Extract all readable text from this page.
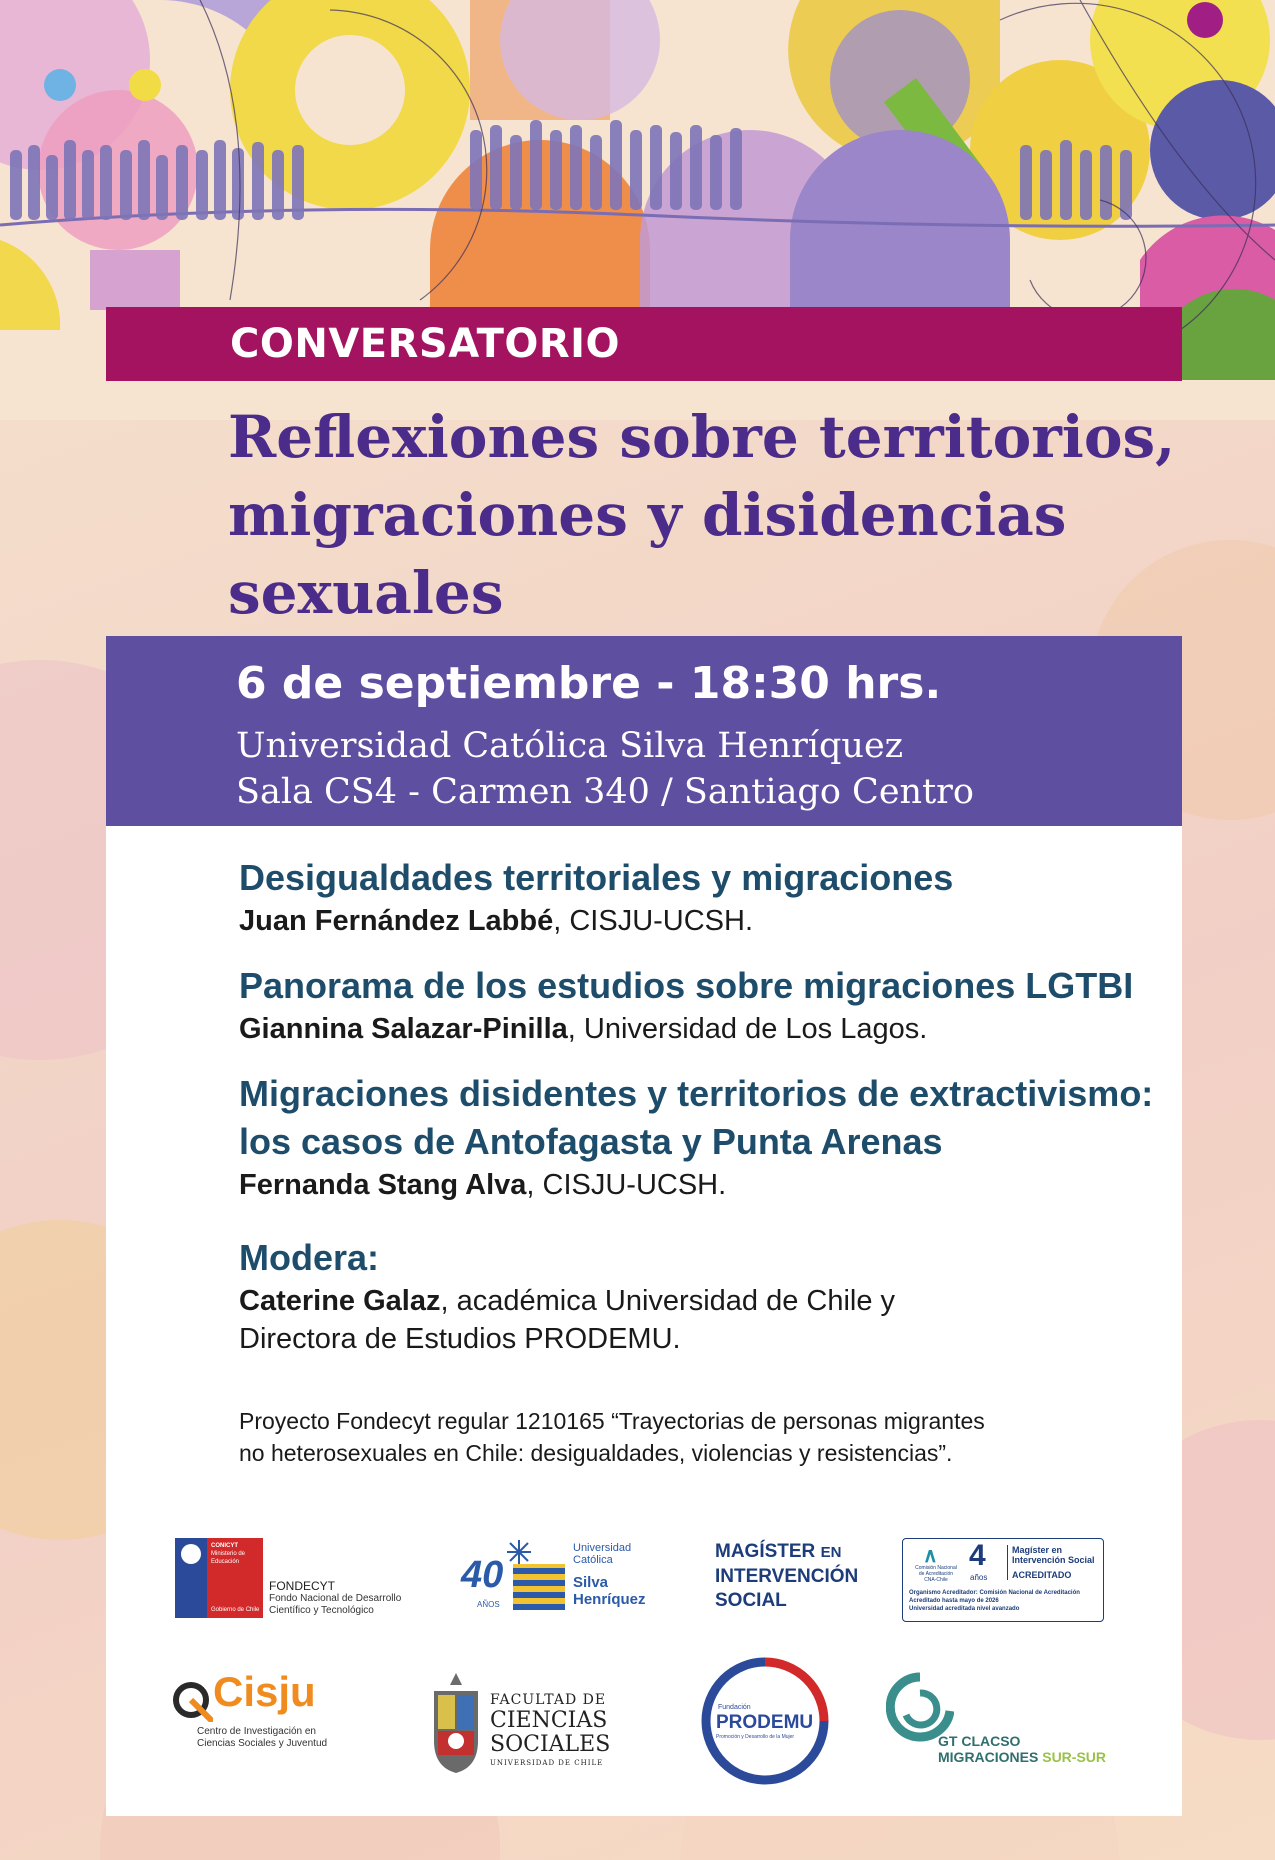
CONVERSATORIO
Reflexiones sobre territorios,
migraciones y disidencias
sexuales
6 de septiembre - 18:30 hrs.
Universidad Católica Silva Henríquez
Sala CS4 - Carmen 340 / Santiago Centro
Desigualdades territoriales y migraciones
Juan Fernández Labbé, CISJU-UCSH.
Panorama de los estudios sobre migraciones LGTBI
Giannina Salazar-Pinilla, Universidad de Los Lagos.
Migraciones disidentes y territorios de extractivismo:
los casos de Antofagasta y Punta Arenas
Fernanda Stang Alva, CISJU-UCSH.
Modera:
Caterine Galaz, académica Universidad de Chile y
Directora de Estudios PRODEMU.
Proyecto Fondecyt regular 1210165 “Trayectorias de personas migrantes
no heterosexuales en Chile: desigualdades, violencias y resistencias”.
CONICYT
Ministerio de Educación
Gobierno de Chile
FONDECYT
Fondo Nacional de Desarrollo
Científico y Tecnológico
40
AÑOS
Universidad
Católica
Silva
Henríquez
MAGÍSTER EN
INTERVENCIÓN
SOCIAL
∧
Comisión Nacional
de Acreditación
CNA-Chile
4
años
Magíster en
Intervención Social
ACREDITADO
Organismo Acreditador: Comisión Nacional de Acreditación
Acreditado hasta mayo de 2026
Universidad acreditada nivel avanzado
Cisju
Centro de Investigación en
Ciencias Sociales y Juventud
FACULTAD DE
CIENCIAS
SOCIALES
UNIVERSIDAD DE CHILE
Fundación
PRODEMU
Promoción y Desarrollo de la Mujer	GT CLACSO
MIGRACIONES SUR-SUR
